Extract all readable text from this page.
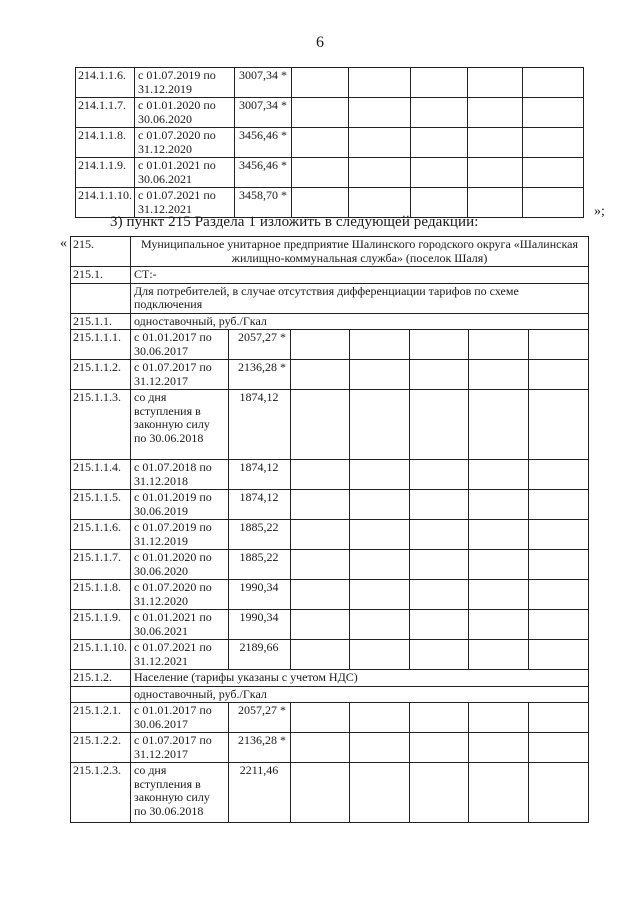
6
214.1.1.6.	с 01.07.2019 по 31.12.2019	3007,34 *					
214.1.1.7.	с 01.01.2020 по 30.06.2020	3007,34 *					
214.1.1.8.	с 01.07.2020 по 31.12.2020	3456,46 *					
214.1.1.9.	с 01.01.2021 по 30.06.2021	3456,46 *					
214.1.1.10.	с 01.07.2021 по 31.12.2021	3458,70 *					
»;
3) пункт 215 Раздела 1 изложить в следующей редакции:
« 215.	Муниципальное унитарное предприятие Шалинского городского округа «Шалинская жилищно-коммунальная служба» (поселок Шаля)						
215.1.	СТ:-						
	Для потребителей, в случае отсутствия дифференциации тарифов по схеме подключения						
215.1.1.	одноставочный, руб./Гкал						
215.1.1.1.	с 01.01.2017 по 30.06.2017	2057,27 *					
215.1.1.2.	с 01.07.2017 по 31.12.2017	2136,28 *					
215.1.1.3.	со дня вступления в законную силу по 30.06.2018	1874,12					
215.1.1.4.	с 01.07.2018 по 31.12.2018	1874,12					
215.1.1.5.	с 01.01.2019 по 30.06.2019	1874,12					
215.1.1.6.	с 01.07.2019 по 31.12.2019	1885,22					
215.1.1.7.	с 01.01.2020 по 30.06.2020	1885,22					
215.1.1.8.	с 01.07.2020 по 31.12.2020	1990,34					
215.1.1.9.	с 01.01.2021 по 30.06.2021	1990,34					
215.1.1.10.	с 01.07.2021 по 31.12.2021	2189,66					
215.1.2.	Население (тарифы указаны с учетом НДС)						
	одноставочный, руб./Гкал						
215.1.2.1.	с 01.01.2017 по 30.06.2017	2057,27 *					
215.1.2.2.	с 01.07.2017 по 31.12.2017	2136,28 *					
215.1.2.3.	со дня вступления в законную силу по 30.06.2018	2211,46					
